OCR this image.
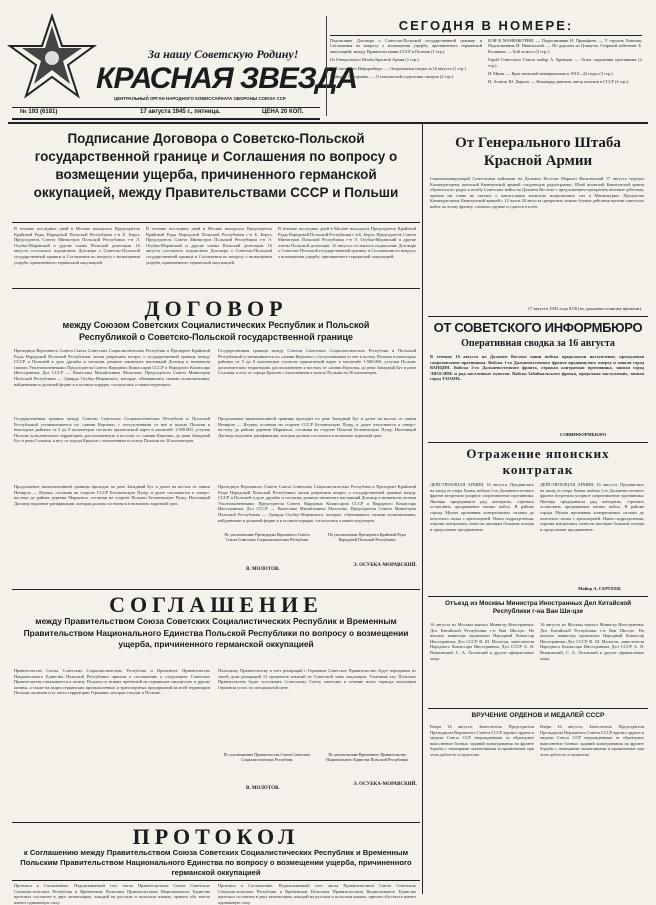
За нашу Советскую Родину!
КРАСНАЯ ЗВЕЗДА
ЦЕНТРАЛЬНЫЙ ОРГАН НАРОДНОГО КОМИССАРИАТА ОБОРОНЫ СОЮЗА ССР
№ 193 (6181)	17 августа 1945 г., пятница.	ЦЕНА 20 КОП.
СЕГОДНЯ В НОМЕРЕ:
Подписание Договора о Советско-Польской государственной границе и Соглашения по вопросу о возмещении ущерба, причиненного германской оккупацией, между Правительствами СССР и Польши (1 стр.).
От Генерального Штаба Красной Армии (1 стр.).
От Советского Информбюро. — Оперативная сводка за 16 августа (1 стр.).
Майор С. Писаренко. — О тактической подготовке саперов (2 стр.).
БОИ В МАНЬЧЖУРИИ. — Подполковник Н. Прокофьев. — У отрогов Хингана; Подполковник Н. Никольский. — По дорогам из Цзямусы; Старший лейтенант Б. Косинков. — Бой за мост (3 стр.).
Герой Советского Союза майор А. Кривцов. — Опыт окружения противника (2 стр.).
И. Мини. — Крах японской империализма в 1918—22 годах (3 стр.).
И. Асанов, Ю. Дарьин. — Командир дивизии, автор поисков в СССР (4 стр.).
Подписание Договора о Советско-Польской государственной границе и Соглашения по вопросу о возмещении ущерба, причиненного германской оккупацией, между Правительствами СССР и Польши
В течение последних дней в Москве находился Председатель Крайовой Рады Народовой Польской Республики г-н Б. Берут, Председатель Совета Министров Польской Республики г-н Э. Осубка-Моравский и другие члены Польской делегации. 16 августа состоялось подписание Договора о Советско-Польской государственной границе и Соглашения по вопросу о возмещении ущерба, причиненного германской оккупацией.
В течение последних дней в Москве находился Председатель Крайовой Рады Народовой Польской Республики г-н Б. Берут, Председатель Совета Министров Польской Республики г-н Э. Осубка-Моравский и другие члены Польской делегации. 16 августа состоялось подписание Договора о Советско-Польской государственной границе и Соглашения по вопросу о возмещении ущерба, причиненного германской оккупацией.
В течение последних дней в Москве находился Председатель Крайовой Рады Народовой Польской Республики г-н Б. Берут, Председатель Совета Министров Польской Республики г-н Э. Осубка-Моравский и другие члены Польской делегации. 16 августа состоялось подписание Договора о Советско-Польской государственной границе и Соглашения по вопросу о возмещении ущерба, причиненного германской оккупацией.
ДОГОВОР
между Союзом Советских Социалистических Республик и Польской Республикой о Советско-Польской государственной границе
Президиум Верховного Совета Союза Советских Социалистических Республик и Президент Крайовой Рады Народовой Польской Республики, желая разрешить вопрос о государственной границе между СССР и Польшей в духе дружбы и согласия, решили заключить настоящий Договор и назначили своими Уполномоченными: Председателя Совета Народных Комиссаров СССР и Народного Комиссара Иностранных Дел СССР — Вячеслава Михайловича Молотова; Председателя Совета Министров Польской Республики — Эдварда Осубку-Моравского, которые, обменявшись своими полномочиями, найденными в должной форме и в полном порядке, согласились о нижеследующем.
Государственная граница между Союзом Советских Социалистических Республик и Польской Республикой устанавливается по «линии Керзона» с отступлениями от нее в пользу Польши в некоторых районах от 5 до 8 километров согласно прилагаемой карте в масштабе 1:500.000, уступая Польше дополнительно территорию, расположенную к востоку от «линии Керзона» до реки Западный Буг и реки Солокия, к югу от города Крылов с отклонением в пользу Польши на 30 километров.
Государственная граница между Союзом Советских Социалистических Республик и Польской Республикой устанавливается по «линии Керзона» с отступлениями от нее в пользу Польши в некоторых районах от 5 до 8 километров согласно прилагаемой карте в масштабе 1:500.000, уступая Польше дополнительно территорию, расположенную к востоку от «линии Керзона» до реки Западный Буг и реки Солокия, к югу от города Крылов с отклонением в пользу Польши на 30 километров.
Продолжение вышеописанной границы проходит по реке Западный Буг и далее на восток от линии Немиров — Ялувка, оставляя на стороне СССР Беловежскую Пущу, и далее отклоняется к северо-востоку до района деревни Марыньск, оставляя на стороне Польши Беловежскую Пущу. Настоящий Договор подлежит ратификации, которая должна состояться в возможно короткий срок.
Продолжение вышеописанной границы проходит по реке Западный Буг и далее на восток от линии Немиров — Ялувка, оставляя на стороне СССР Беловежскую Пущу, и далее отклоняется к северо-востоку до района деревни Марыньск, оставляя на стороне Польши Беловежскую Пущу. Настоящий Договор подлежит ратификации, которая должна состояться в возможно короткий срок.
Президиум Верховного Совета Союза Советских Социалистических Республик и Президент Крайовой Рады Народовой Польской Республики, желая разрешить вопрос о государственной границе между СССР и Польшей в духе дружбы и согласия, решили заключить настоящий Договор и назначили своими Уполномоченными: Председателя Совета Народных Комиссаров СССР и Народного Комиссара Иностранных Дел СССР — Вячеслава Михайловича Молотова; Председателя Совета Министров Польской Республики — Эдварда Осубку-Моравского, которые, обменявшись своими полномочиями, найденными в должной форме и в полном порядке, согласились о нижеследующем.
По уполномочию Президиума Верховного Совета Союза Советских Социалистических Республик
По уполномочию Президента Крайовой Рады Народовой Польской Республики
В. МОЛОТОВ.
Э. ОСУБКА-МОРАВСКИЙ.
СОГЛАШЕНИЕ
между Правительством Союза Советских Социалистических Республик и Временным Правительством Национального Единства Польской Республики по вопросу о возмещении ущерба, причиненного германской оккупацией
Правительство Союза Советских Социалистических Республик и Временное Правительство Национального Единства Польской Республики пришли к соглашению о следующем: Советское Правительство отказывается в пользу Польши от всяких претензий на германское имущество и другие активы, а также на акции германских промышленных и транспортных предприятий на всей территории Польши, включая и ту часть территории Германии, которая отходит к Польше.
Польскому Правительству в счет репараций с Германии Советское Правительство будет передавать из своей доли репараций 15 процентов изъятий из Советской зоны оккупации. Учитывая это, Польское Правительство будет поставлять Советскому Союзу ежегодно в течение всего периода оккупации Германии уголь по специальной цене.
По уполномочию Правительства Союза Советских Социалистических Республик
По уполномочию Временного Правительства Национального Единства Польской Республики
В. МОЛОТОВ.
Э. ОСУБКА-МОРАВСКИЙ.
ПРОТОКОЛ
к Соглашению между Правительством Союза Советских Социалистических Республик и Временным Польским Правительством Национального Единства по вопросу о возмещении ущерба, причиненного германской оккупацией
Протокол к Соглашению. Подписываемый сего числа Правительством Союза Советских Социалистических Республик и Временным Польским Правительством Национального Единства протокол составлен в двух экземплярах, каждый на русском и польском языках, причем оба текста имеют одинаковую силу.
Протокол к Соглашению. Подписываемый сего числа Правительством Союза Советских Социалистических Республик и Временным Польским Правительством Национального Единства протокол составлен в двух экземплярах, каждый на русском и польском языках, причем оба текста имеют одинаковую силу.
От Генерального Штаба Красной Армии
Главнокомандующий Советскими войсками на Дальнем Востоке Маршал Василевский 17 августа передал Командующему японской Квантунской армией следующую радиограмму: Штаб японской Квантунской армии обратился по радио к штабу Советских войск на Дальнем Востоке с предложением прекратить военные действия, причем ни слова не сказано о капитуляции японских вооруженных сил в Маньчжурии. Предлагаю Командующему Квантунской армией с 12 часов 20 августа прекратить всякие боевые действия против советских войск по всему фронту, сложить оружие и сдаться в плен.
17 августа 1945 года 8.00 (по дальневосточному времени).
ОТ СОВЕТСКОГО ИНФОРМБЮРО
Оперативная сводка за 16 августа
В течение 16 августа на Дальнем Востоке наши войска продолжали наступление, преодолевая сопротивление противника. Войска 1-го Дальневосточного фронта продвинулись вперед и заняли город ВАНЦИН. Войска 2-го Дальневосточного фронта, отражая контратаки противника, заняли город ЛЯОСЯНЬ и ряд населенных пунктов. Войска Забайкальского фронта, продолжая наступление, заняли город ТАОАНЬ.
СОВИНФОРМБЮРО
Отражение японских контратак
ДЕЙСТВУЮЩАЯ АРМИЯ, 16 августа. Продвигаясь на запад от озера Ханка, войска 1-го Дальневосточного фронта встретили упорное сопротивление противника. Японцы предприняли ряд контратак, стремясь остановить продвижение наших войск. В районе города Мулин противник контратаковал силами до пехотного полка с артиллерией. Наши подразделения, отразив контратаки, нанесли японцам большие потери и продолжают продвижение.
ДЕЙСТВУЮЩАЯ АРМИЯ, 16 августа. Продвигаясь на запад от озера Ханка, войска 1-го Дальневосточного фронта встретили упорное сопротивление противника. Японцы предприняли ряд контратак, стремясь остановить продвижение наших войск. В районе города Мулин противник контратаковал силами до пехотного полка с артиллерией. Наши подразделения, отразив контратаки, нанесли японцам большие потери и продолжают продвижение.
Майор А. СЕРГЕЕВ.
Отъезд из Москвы Министра Иностранных Дел Китайской Республики г-на Ван Ши-цзе
16 августа из Москвы выехал Министр Иностранных Дел Китайской Республики г-н Ван Ши-цзе. На вокзале министра провожали Народный Комиссар Иностранных Дел СССР В. М. Молотов, заместители Народного Комиссара Иностранных Дел СССР А. Я. Вышинский, С. А. Лозовский и другие официальные лица.
16 августа из Москвы выехал Министр Иностранных Дел Китайской Республики г-н Ван Ши-цзе. На вокзале министра провожали Народный Комиссар Иностранных Дел СССР В. М. Молотов, заместители Народного Комиссара Иностранных Дел СССР А. Я. Вышинский, С. А. Лозовский и другие официальные лица.
ВРУЧЕНИЕ ОРДЕНОВ И МЕДАЛЕЙ СССР
Вчера 16 августа, Заместитель Председателя Президиума Верховного Совета СССР вручил ордена и медали Союза ССР награжденным за образцовое выполнение боевых заданий командования на фронте борьбы с немецкими захватчиками и проявленные при этом доблесть и мужество.
Вчера 16 августа, Заместитель Председателя Президиума Верховного Совета СССР вручил ордена и медали Союза ССР награжденным за образцовое выполнение боевых заданий командования на фронте борьбы с немецкими захватчиками и проявленные при этом доблесть и мужество.
